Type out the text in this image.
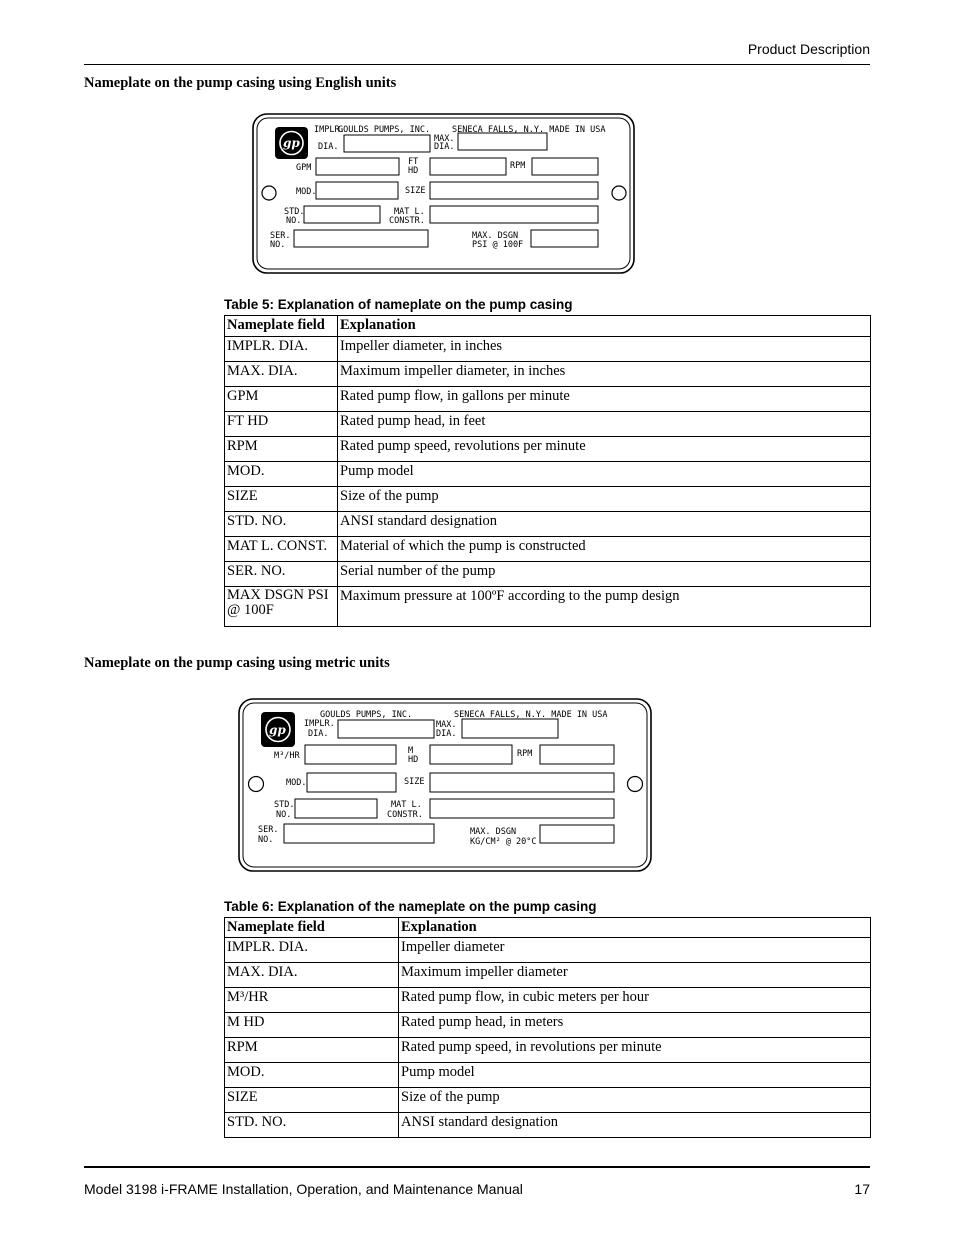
Product Description
Nameplate on the pump casing using English units
gp
IMPLR.
DIA.
GOULDS PUMPS, INC.	SENECA FALLS, N.Y. MADE IN USA
MAX.
DIA.
GPM
FT
HD	RPM
MOD.	SIZE
STD.
NO.
MAT L.
CONSTR.
SER.
NO.
MAX. DSGN
PSI @ 100F
Table 5: Explanation of nameplate on the pump casing
Nameplate field	Explanation
IMPLR. DIA.	Impeller diameter, in inches
MAX. DIA.	Maximum impeller diameter, in inches
GPM	Rated pump flow, in gallons per minute
FT HD	Rated pump head, in feet
RPM	Rated pump speed, revolutions per minute
MOD.	Pump model
SIZE	Size of the pump
STD. NO.	ANSI standard designation
MAT L. CONST.	Material of which the pump is constructed
SER. NO.	Serial number of the pump

MAX DSGN PSI
@ 100F	Maximum pressure at 100ºF according to the pump design
Nameplate on the pump casing using metric units
gp IMPLR.
DIA.
GOULDS PUMPS, INC.	SENECA FALLS, N.Y. MADE IN USA
MAX.
DIA.
M³/HR	M
HD
RPM
MOD.	SIZE
STD.
NO.
MAT L.
CONSTR.
SER.
NO.
MAX. DSGN
KG/CM² @ 20°C
Table 6: Explanation of the nameplate on the pump casing
Nameplate field	Explanation
IMPLR. DIA.	Impeller diameter
MAX. DIA.	Maximum impeller diameter
M³/HR	Rated pump flow, in cubic meters per hour
M HD	Rated pump head, in meters
RPM	Rated pump speed, in revolutions per minute
MOD.	Pump model
SIZE	Size of the pump
STD. NO.	ANSI standard designation
Model 3198 i-FRAME Installation, Operation, and Maintenance Manual	17
